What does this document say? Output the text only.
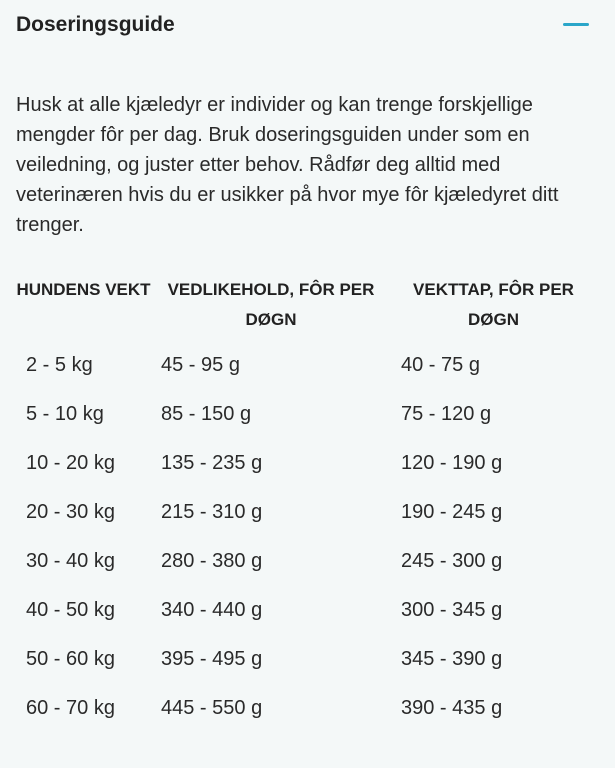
Doseringsguide

Husk at alle kjæledyr er individer og kan trenge forskjellige mengder fôr per dag. Bruk doseringsguiden under som en veiledning, og juster etter behov. Rådfør deg alltid med veterinæren hvis du er usikker på hvor mye fôr kjæledyret ditt trenger.

HUNDENS VEKT	VEDLIKEHOLD, FÔR PER DØGN	VEKTTAP, FÔR PER DØGN
2 - 5 kg	45 - 95 g	40 - 75 g
5 - 10 kg	85 - 150 g	75 - 120 g
10 - 20 kg	135 - 235 g	120 - 190 g
20 - 30 kg	215 - 310 g	190 - 245 g
30 - 40 kg	280 - 380 g	245 - 300 g
40 - 50 kg	340 - 440 g	300 - 345 g
50 - 60 kg	395 - 495 g	345 - 390 g
60 - 70 kg	445 - 550 g	390 - 435 g
